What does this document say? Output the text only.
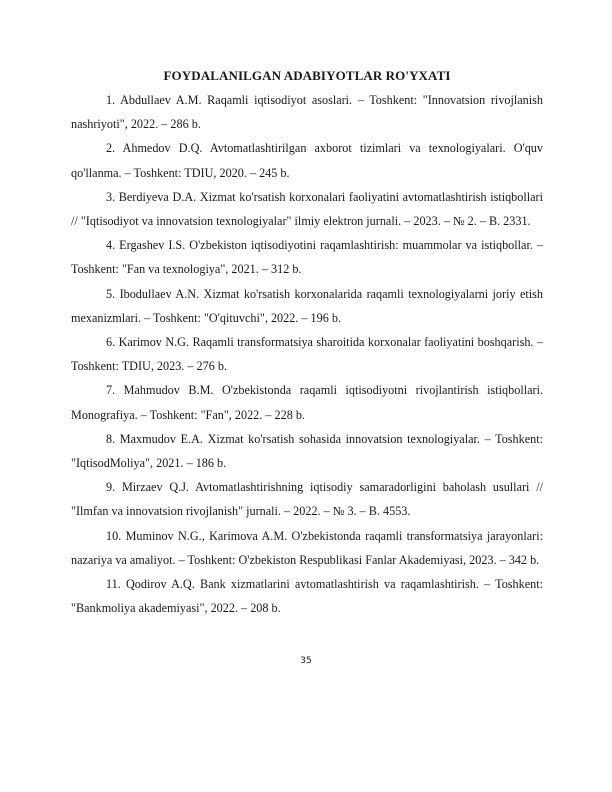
FOYDALANILGAN ADABIYOTLAR RO'YXATI
1. Abdullaev A.M. Raqamli iqtisodiyot asoslari. – Toshkent: "Innovatsion rivojlanish nashriyoti", 2022. – 286 b.
2. Ahmedov D.Q. Avtomatlashtirilgan axborot tizimlari va texnologiyalari. O'quv qo'llanma. – Toshkent: TDIU, 2020. – 245 b.
3. Berdiyeva D.A. Xizmat ko'rsatish korxonalari faoliyatini avtomatlashtirish istiqbollari // "Iqtisodiyot va innovatsion texnologiyalar" ilmiy elektron jurnali. – 2023. – № 2. – B. 2331.
4. Ergashev I.S. O'zbekiston iqtisodiyotini raqamlashtirish: muammolar va istiqbollar. – Toshkent: "Fan va texnologiya", 2021. – 312 b.
5. Ibodullaev A.N. Xizmat ko'rsatish korxonalarida raqamli texnologiyalarni joriy etish mexanizmlari. – Toshkent: "O'qituvchi", 2022. – 196 b.
6. Karimov N.G. Raqamli transformatsiya sharoitida korxonalar faoliyatini boshqarish. – Toshkent: TDIU, 2023. – 276 b.
7. Mahmudov B.M. O'zbekistonda raqamli iqtisodiyotni rivojlantirish istiqbollari. Monografiya. – Toshkent: "Fan", 2022. – 228 b.
8. Maxmudov E.A. Xizmat ko'rsatish sohasida innovatsion texnologiyalar. – Toshkent: "IqtisodMoliya", 2021. – 186 b.
9. Mirzaev Q.J. Avtomatlashtirishning iqtisodiy samaradorligini baholash usullari // "Ilmfan va innovatsion rivojlanish" jurnali. – 2022. – № 3. – B. 4553.
10. Muminov N.G., Karimova A.M. O'zbekistonda raqamli transformatsiya jarayonlari: nazariya va amaliyot. – Toshkent: O'zbekiston Respublikasi Fanlar Akademiyasi, 2023. – 342 b.
11. Qodirov A.Q. Bank xizmatlarini avtomatlashtirish va raqamlashtirish. – Toshkent: "Bankmoliya akademiyasi", 2022. – 208 b.
35
